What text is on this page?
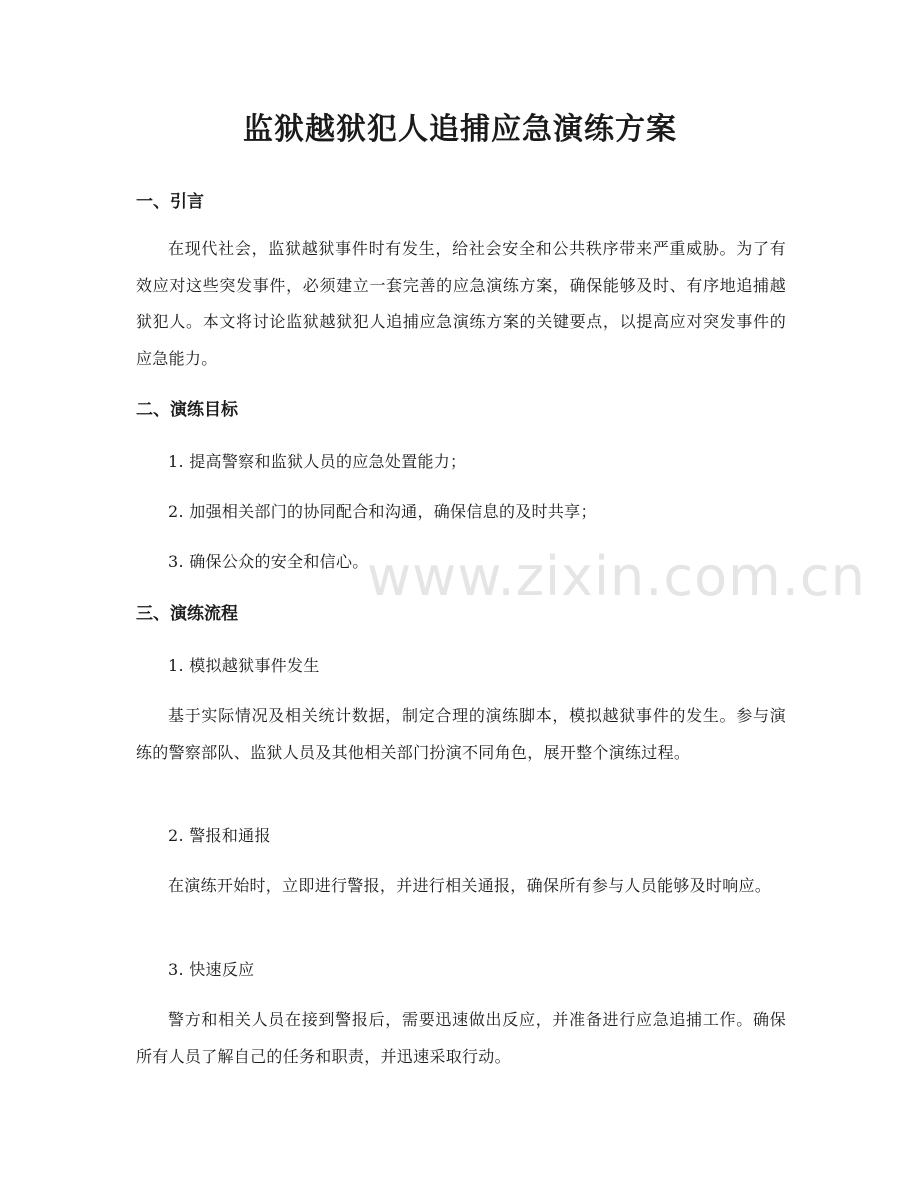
监狱越狱犯人追捕应急演练方案
一、引言

在现代社会，监狱越狱事件时有发生，给社会安全和公共秩序带来严重威胁。为了有效应对这些突发事件，必须建立一套完善的应急演练方案，确保能够及时、有序地追捕越狱犯人。本文将讨论监狱越狱犯人追捕应急演练方案的关键要点，以提高应对突发事件的应急能力。

二、演练目标

1. 提高警察和监狱人员的应急处置能力；

2. 加强相关部门的协同配合和沟通，确保信息的及时共享；

3. 确保公众的安全和信心。

三、演练流程

1. 模拟越狱事件发生

基于实际情况及相关统计数据，制定合理的演练脚本，模拟越狱事件的发生。参与演练的警察部队、监狱人员及其他相关部门扮演不同角色，展开整个演练过程。

2. 警报和通报

在演练开始时，立即进行警报，并进行相关通报，确保所有参与人员能够及时响应。

3. 快速反应

警方和相关人员在接到警报后，需要迅速做出反应，并准备进行应急追捕工作。确保所有人员了解自己的任务和职责，并迅速采取行动。

www.zixin.com.cn
